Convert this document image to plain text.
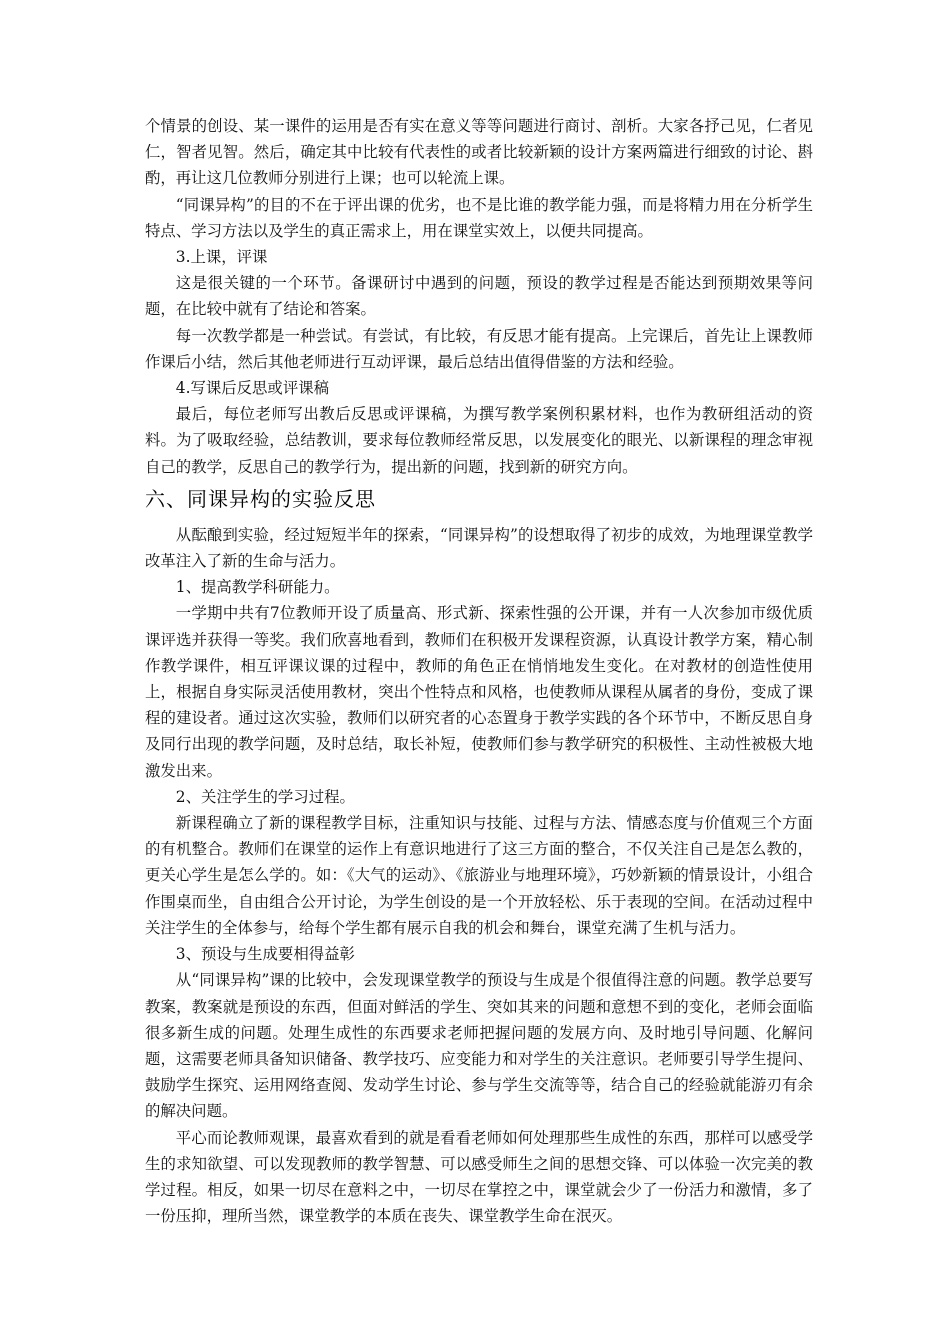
个情景的创设、某一课件的运用是否有实在意义等等问题进行商讨、剖析。大家各抒己见，仁者见仁，智者见智。然后，确定其中比较有代表性的或者比较新颖的设计方案两篇进行细致的讨论、斟酌，再让这几位教师分别进行上课；也可以轮流上课。

“同课异构”的目的不在于评出课的优劣，也不是比谁的教学能力强，而是将精力用在分析学生特点、学习方法以及学生的真正需求上，用在课堂实效上，以便共同提高。

3.上课，评课

这是很关键的一个环节。备课研讨中遇到的问题，预设的教学过程是否能达到预期效果等问题，在比较中就有了结论和答案。

每一次教学都是一种尝试。有尝试，有比较，有反思才能有提高。上完课后，首先让上课教师作课后小结，然后其他老师进行互动评课，最后总结出值得借鉴的方法和经验。

4.写课后反思或评课稿

最后，每位老师写出教后反思或评课稿，为撰写教学案例积累材料，也作为教研组活动的资料。为了吸取经验，总结教训，要求每位教师经常反思，以发展变化的眼光、以新课程的理念审视自己的教学，反思自己的教学行为，提出新的问题，找到新的研究方向。

六、同课异构的实验反思

从酝酿到实验，经过短短半年的探索，“同课异构”的设想取得了初步的成效，为地理课堂教学改革注入了新的生命与活力。

1、提高教学科研能力。

一学期中共有7位教师开设了质量高、形式新、探索性强的公开课，并有一人次参加市级优质课评选并获得一等奖。我们欣喜地看到，教师们在积极开发课程资源，认真设计教学方案，精心制作教学课件，相互评课议课的过程中，教师的角色正在悄悄地发生变化。在对教材的创造性使用上，根据自身实际灵活使用教材，突出个性特点和风格，也使教师从课程从属者的身份，变成了课程的建设者。通过这次实验，教师们以研究者的心态置身于教学实践的各个环节中，不断反思自身及同行出现的教学问题，及时总结，取长补短，使教师们参与教学研究的积极性、主动性被极大地激发出来。

2、关注学生的学习过程。

新课程确立了新的课程教学目标，注重知识与技能、过程与方法、情感态度与价值观三个方面的有机整合。教师们在课堂的运作上有意识地进行了这三方面的整合，不仅关注自己是怎么教的，更关心学生是怎么学的。如：《大气的运动》、《旅游业与地理环境》，巧妙新颖的情景设计，小组合作围桌而坐，自由组合公开讨论，为学生创设的是一个开放轻松、乐于表现的空间。在活动过程中关注学生的全体参与，给每个学生都有展示自我的机会和舞台，课堂充满了生机与活力。

3、预设与生成要相得益彰

从“同课异构”课的比较中，会发现课堂教学的预设与生成是个很值得注意的问题。教学总要写教案，教案就是预设的东西，但面对鲜活的学生、突如其来的问题和意想不到的变化，老师会面临很多新生成的问题。处理生成性的东西要求老师把握问题的发展方向、及时地引导问题、化解问题，这需要老师具备知识储备、教学技巧、应变能力和对学生的关注意识。老师要引导学生提问、鼓励学生探究、运用网络查阅、发动学生讨论、参与学生交流等等，结合自己的经验就能游刃有余的解决问题。

平心而论教师观课，最喜欢看到的就是看看老师如何处理那些生成性的东西，那样可以感受学生的求知欲望、可以发现教师的教学智慧、可以感受师生之间的思想交锋、可以体验一次完美的教学过程。相反，如果一切尽在意料之中，一切尽在掌控之中，课堂就会少了一份活力和激情，多了一份压抑，理所当然，课堂教学的本质在丧失、课堂教学生命在泯灭。
